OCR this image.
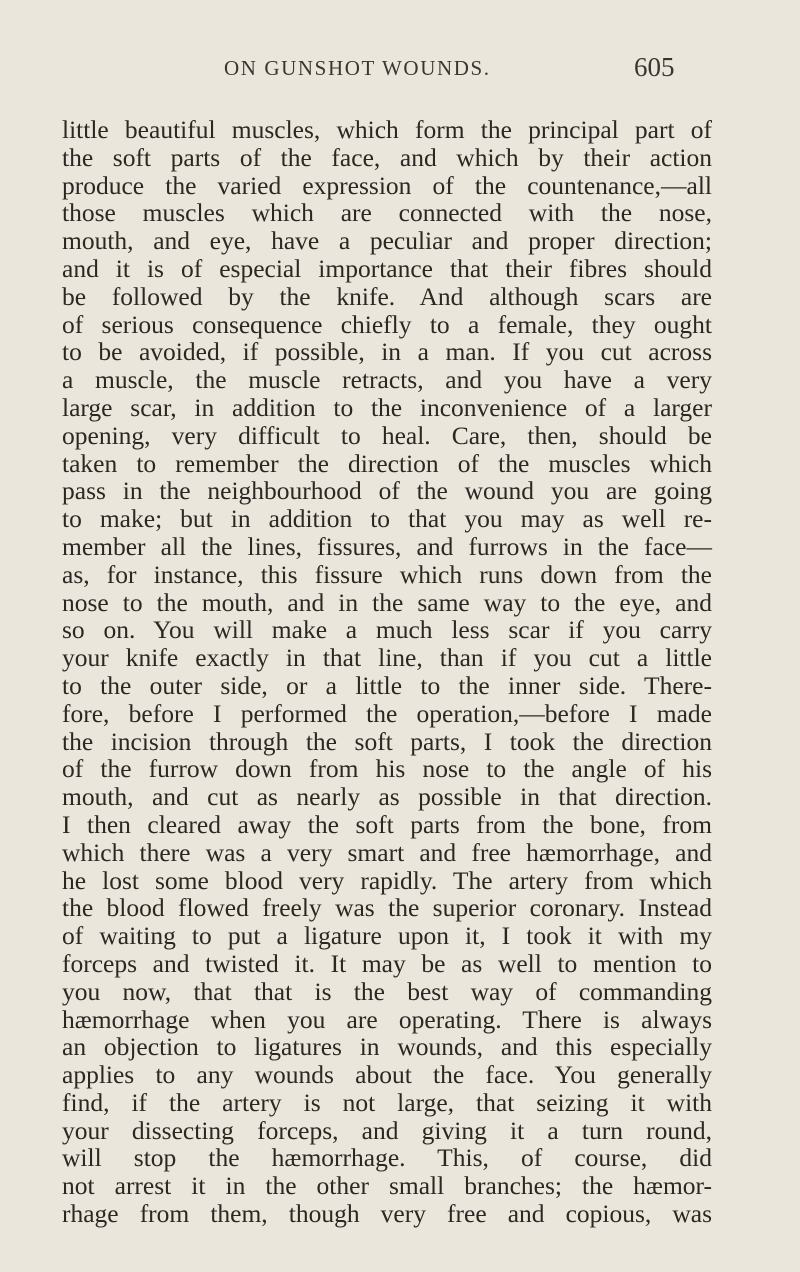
ON GUNSHOT WOUNDS.	605
little beautiful muscles, which form the principal part of
the soft parts of the face, and which by their action
produce the varied expression of the countenance,—all
those muscles which are connected with the nose,
mouth, and eye, have a peculiar and proper direction;
and it is of especial importance that their fibres should
be followed by the knife. And although scars are
of serious consequence chiefly to a female, they ought
to be avoided, if possible, in a man. If you cut across
a muscle, the muscle retracts, and you have a very
large scar, in addition to the inconvenience of a larger
opening, very difficult to heal. Care, then, should be
taken to remember the direction of the muscles which
pass in the neighbourhood of the wound you are going
to make; but in addition to that you may as well re-
member all the lines, fissures, and furrows in the face—
as, for instance, this fissure which runs down from the
nose to the mouth, and in the same way to the eye, and
so on. You will make a much less scar if you carry
your knife exactly in that line, than if you cut a little
to the outer side, or a little to the inner side. There-
fore, before I performed the operation,—before I made
the incision through the soft parts, I took the direction
of the furrow down from his nose to the angle of his
mouth, and cut as nearly as possible in that direction.
I then cleared away the soft parts from the bone, from
which there was a very smart and free hæmorrhage, and
he lost some blood very rapidly. The artery from which
the blood flowed freely was the superior coronary. Instead
of waiting to put a ligature upon it, I took it with my
forceps and twisted it. It may be as well to mention to
you now, that that is the best way of commanding
hæmorrhage when you are operating. There is always
an objection to ligatures in wounds, and this especially
applies to any wounds about the face. You generally
find, if the artery is not large, that seizing it with
your dissecting forceps, and giving it a turn round,
will stop the hæmorrhage. This, of course, did
not arrest it in the other small branches; the hæmor-
rhage from them, though very free and copious, was
